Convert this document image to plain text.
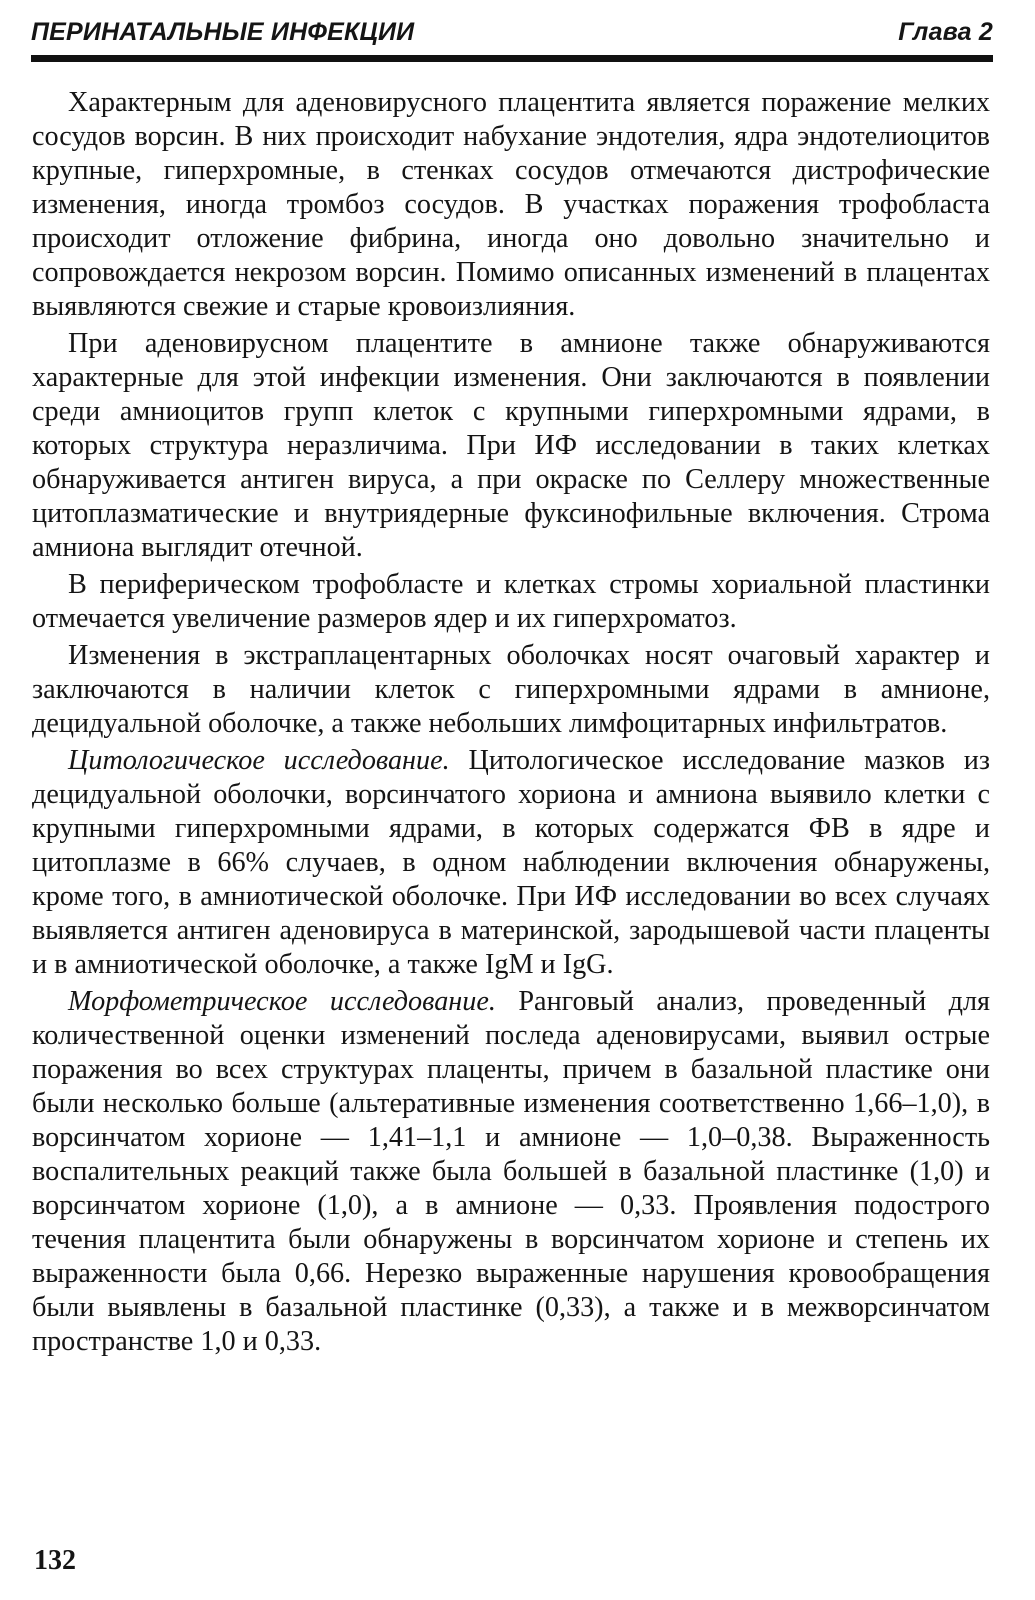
ПЕРИНАТАЛЬНЫЕ ИНФЕКЦИИ	Глава 2

Характерным для аденовирусного плацентита является поражение мелких сосудов ворсин. В них происходит набухание эндотелия, ядра эндотелиоцитов крупные, гиперхромные, в стенках сосудов отмечаются дистрофические изменения, иногда тромбоз сосудов. В участках поражения трофобласта происходит отложение фибрина, иногда оно довольно значительно и сопровождается некрозом ворсин. Помимо описанных изменений в плацентах выявляются свежие и старые кровоизлияния.

При аденовирусном плацентите в амнионе также обнаруживаются характерные для этой инфекции изменения. Они заключаются в появлении среди амниоцитов групп клеток с крупными гиперхромными ядрами, в которых структура неразличима. При ИФ исследовании в таких клетках обнаруживается антиген вируса, а при окраске по Селлеру множественные цитоплазматические и внутриядерные фуксинофильные включения. Строма амниона выглядит отечной.

В периферическом трофобласте и клетках стромы хориальной пластинки отмечается увеличение размеров ядер и их гиперхроматоз.

Изменения в экстраплацентарных оболочках носят очаговый характер и заключаются в наличии клеток с гиперхромными ядрами в амнионе, децидуальной оболочке, а также небольших лимфоцитарных инфильтратов.

Цитологическое исследование. Цитологическое исследование мазков из децидуальной оболочки, ворсинчатого хориона и амниона выявило клетки с крупными гиперхромными ядрами, в которых содержатся ФВ в ядре и цитоплазме в 66% случаев, в одном наблюдении включения обнаружены, кроме того, в амниотической оболочке. При ИФ исследовании во всех случаях выявляется антиген аденовируса в материнской, зародышевой части плаценты и в амниотической оболочке, а также IgM и IgG.

Морфометрическое исследование. Ранговый анализ, проведенный для количественной оценки изменений последа аденовирусами, выявил острые поражения во всех структурах плаценты, причем в базальной пластике они были несколько больше (альтеративные изменения соответственно 1,66–1,0), в ворсинчатом хорионе — 1,41–1,1 и амнионе — 1,0–0,38. Выраженность воспалительных реакций также была большей в базальной пластинке (1,0) и ворсинчатом хорионе (1,0), а в амнионе — 0,33. Проявления подострого течения плацентита были обнаружены в ворсинчатом хорионе и степень их выраженности была 0,66. Нерезко выраженные нарушения кровообращения были выявлены в базальной пластинке (0,33), а также и в межворсинчатом пространстве 1,0 и 0,33.

132
